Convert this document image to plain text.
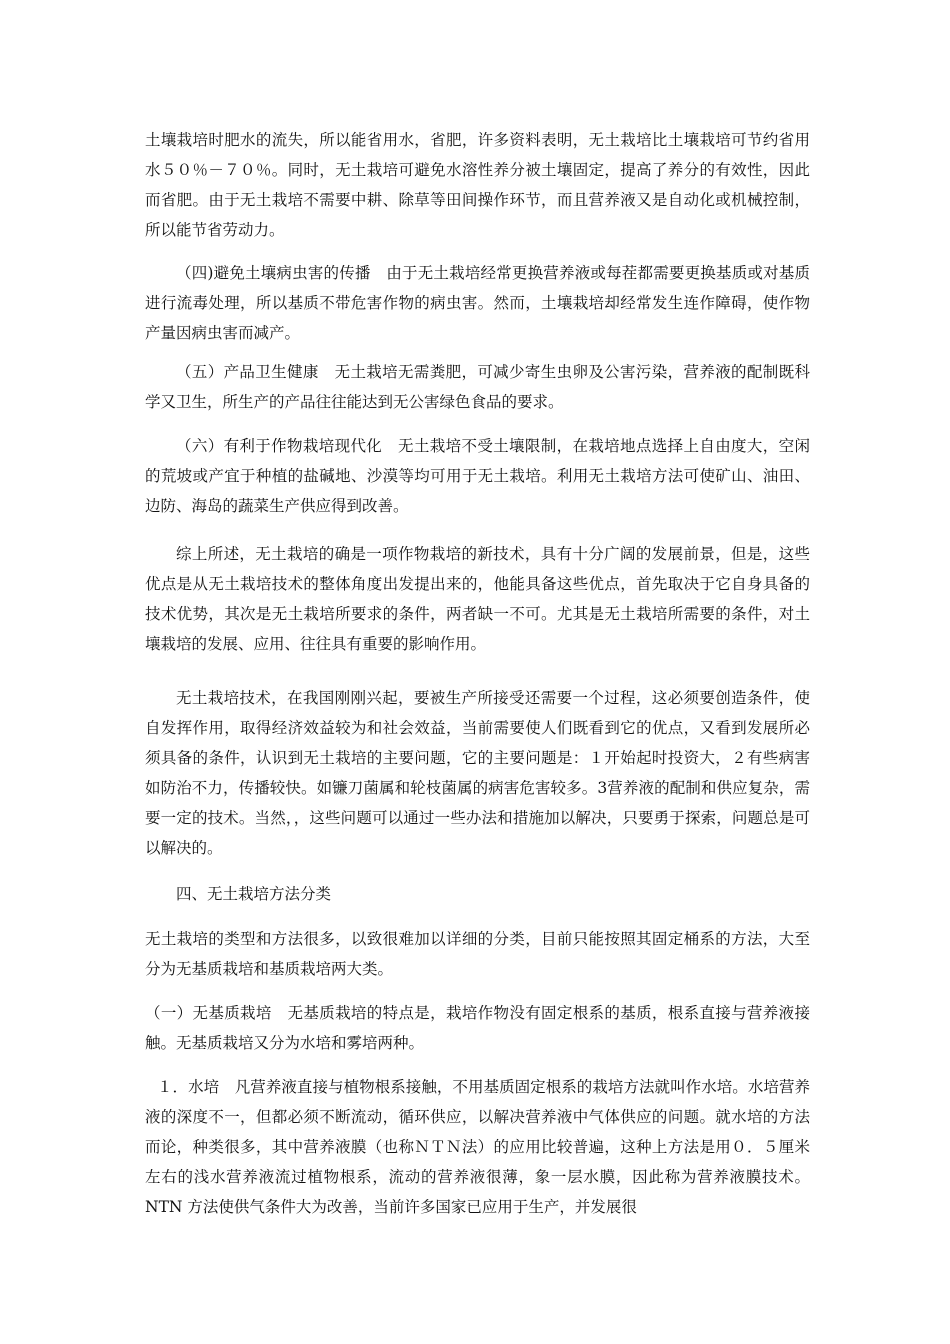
土壤栽培时肥水的流失，所以能省用水，省肥，许多资料表明，无土栽培比土壤栽培可节约省用水５０％－７０％。同时，无土栽培可避免水溶性养分被土壤固定，提高了养分的有效性，因此而省肥。由于无土栽培不需要中耕、除草等田间操作环节，而且营养液又是自动化或机械控制，所以能节省劳动力。

（四)避免土壤病虫害的传播　由于无土栽培经常更换营养液或每茬都需要更换基质或对基质进行流毒处理，所以基质不带危害作物的病虫害。然而，土壤栽培却经常发生连作障碍，使作物产量因病虫害而减产。

（五）产品卫生健康　无土栽培无需粪肥，可减少寄生虫卵及公害污染，营养液的配制既科学又卫生，所生产的产品往往能达到无公害绿色食品的要求。

（六）有利于作物栽培现代化　无土栽培不受土壤限制，在栽培地点选择上自由度大，空闲的荒坡或产宜于种植的盐碱地、沙漠等均可用于无土栽培。利用无土栽培方法可使矿山、油田、边防、海岛的蔬菜生产供应得到改善。

综上所述，无土栽培的确是一项作物栽培的新技术，具有十分广阔的发展前景，但是，这些优点是从无土栽培技术的整体角度出发提出来的，他能具备这些优点，首先取决于它自身具备的技术优势，其次是无土栽培所要求的条件，两者缺一不可。尤其是无土栽培所需要的条件，对土壤栽培的发展、应用、往往具有重要的影响作用。

无土栽培技术，在我国刚刚兴起，要被生产所接受还需要一个过程，这必须要创造条件，使自发挥作用，取得经济效益较为和社会效益，当前需要使人们既看到它的优点，又看到发展所必须具备的条件，认识到无土栽培的主要问题，它的主要问题是：１开始起时投资大，２有些病害如防治不力，传播较快。如镰刀菌属和轮枝菌属的病害危害较多。3营养液的配制和供应复杂，需要一定的技术。当然，，这些问题可以通过一些办法和措施加以解决，只要勇于探索，问题总是可以解决的。

四、无土栽培方法分类

无土栽培的类型和方法很多，以致很难加以详细的分类，目前只能按照其固定桶系的方法，大至分为无基质栽培和基质栽培两大类。

（一）无基质栽培　无基质栽培的特点是，栽培作物没有固定根系的基质，根系直接与营养液接触。无基质栽培又分为水培和雾培两种。

１．水培　凡营养液直接与植物根系接触，不用基质固定根系的栽培方法就叫作水培。水培营养液的深度不一，但都必须不断流动，循环供应，以解决营养液中气体供应的问题。就水培的方法而论，种类很多，其中营养液膜（也称ＮＴＮ法）的应用比较普遍，这种上方法是用０．５厘米左右的浅水营养液流过植物根系，流动的营养液很薄，象一层水膜，因此称为营养液膜技术。NTN 方法使供气条件大为改善，当前许多国家已应用于生产，并发展很
